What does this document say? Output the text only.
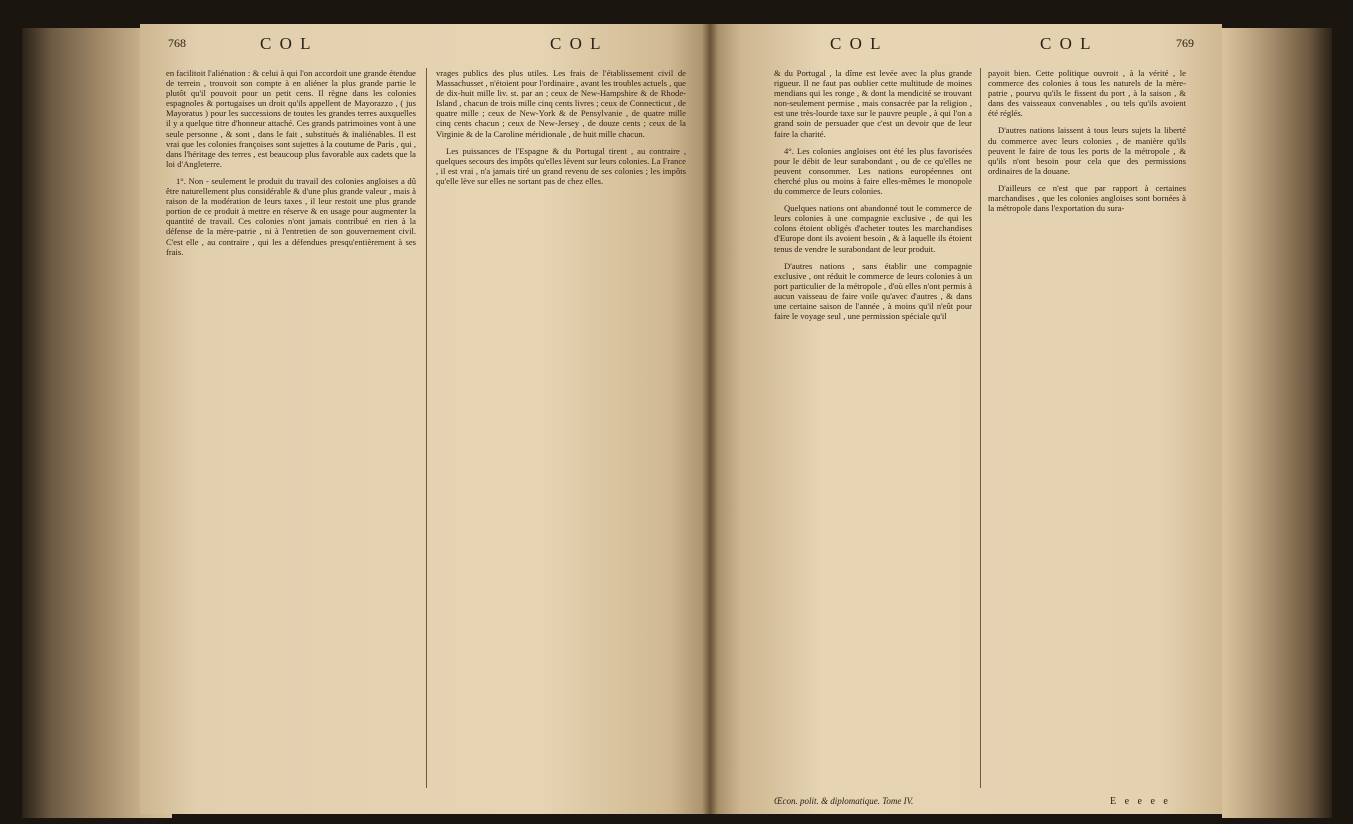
768	C O L	C O L

en facilitoit l'aliénation : & celui à qui l'on accordoit une grande étendue de terrein , trouvoit son compte à en aliéner la plus grande partie le plutôt qu'il pouvoit pour un petit cens. Il règne dans les colonies espagnoles & portugaises un droit qu'ils appellent de Mayorazzo , ( jus Mayoratus ) pour les successions de toutes les grandes terres auxquelles il y a quelque titre d'honneur attaché. Ces grands patrimoines vont à une seule personne , & sont , dans le fait , substitués & inaliénables. Il est vrai que les colonies françoises sont sujettes à la coutume de Paris , qui , dans l'héritage des terres , est beaucoup plus favorable aux cadets que la loi d'Angleterre.

1°. Non - seulement le produit du travail des colonies angloises a dû être naturellement plus considérable & d'une plus grande valeur , mais à raison de la modération de leurs taxes , il leur restoit une plus grande portion de ce produit à mettre en réserve & en usage pour augmenter la quantité de travail. Ces colonies n'ont jamais contribué en rien à la défense de la mère-patrie , ni à l'entretien de son gouvernement civil. C'est elle , au contraire , qui les a défendues presqu'entièrement à ses frais.

vrages publics des plus utiles. Les frais de l'établissement civil de Massachusset , n'étoient pour l'ordinaire , avant les troubles actuels , que de dix-huit mille liv. st. par an ; ceux de New-Hampshire & de Rhode-Island , chacun de trois mille cinq cents livres ; ceux de Connecticut , de quatre mille ; ceux de New-York & de Pensylvanie , de quatre mille cinq cents chacun ; ceux de New-Jersey , de douze cents ; ceux de la Virginie & de la Caroline méridionale , de huit mille chacun.

Les puissances de l'Espagne & du Portugal tirent , au contraire , quelques secours des impôts qu'elles lèvent sur leurs colonies. La France , il est vrai , n'a jamais tiré un grand revenu de ses colonies ; les impôts qu'elle lève sur elles ne sortant pas de chez elles.

C O L	C O L	769

& du Portugal , la dîme est levée avec la plus grande rigueur. Il ne faut pas oublier cette multitude de moines mendians qui les ronge , & dont la mendicité se trouvant non-seulement permise , mais consacrée par la religion , est une très-lourde taxe sur le pauvre peuple , à qui l'on a grand soin de persuader que c'est un devoir que de leur faire la charité.

4°. Les colonies angloises ont été les plus favorisées pour le débit de leur surabondant , ou de ce qu'elles ne peuvent consommer. Les nations européennes ont cherché plus ou moins à faire elles-mêmes le monopole du commerce de leurs colonies.

Quelques nations ont abandonné tout le commerce de leurs colonies à une compagnie exclusive , de qui les colons étoient obligés d'acheter toutes les marchandises d'Europe dont ils avoient besoin , & à laquelle ils étoient tenus de vendre le surabondant de leur produit.

D'autres nations , sans établir une compagnie exclusive , ont réduit le commerce de leurs colonies à un port particulier de la métropole , d'où elles n'ont permis à aucun vaisseau de faire voile qu'avec d'autres , & dans une certaine saison de l'année , à moins qu'il n'eût pour faire le voyage seul , une permission spéciale qu'il

payoit bien. Cette politique ouvroit , à la vérité , le commerce des colonies à tous les naturels de la mère-patrie , pourvu qu'ils le fissent du port , à la saison , & dans des vaisseaux convenables , ou tels qu'ils avoient été réglés.

D'autres nations laissent à tous leurs sujets la liberté du commerce avec leurs colonies , de manière qu'ils peuvent le faire de tous les ports de la métropole , & qu'ils n'ont besoin pour cela que des permissions ordinaires de la douane.

D'ailleurs ce n'est que par rapport à certaines marchandises , que les colonies angloises sont bornées à la métropole dans l'exportation du sura-

Œcon. polit. & diplomatique. Tome IV.	E e e e e
